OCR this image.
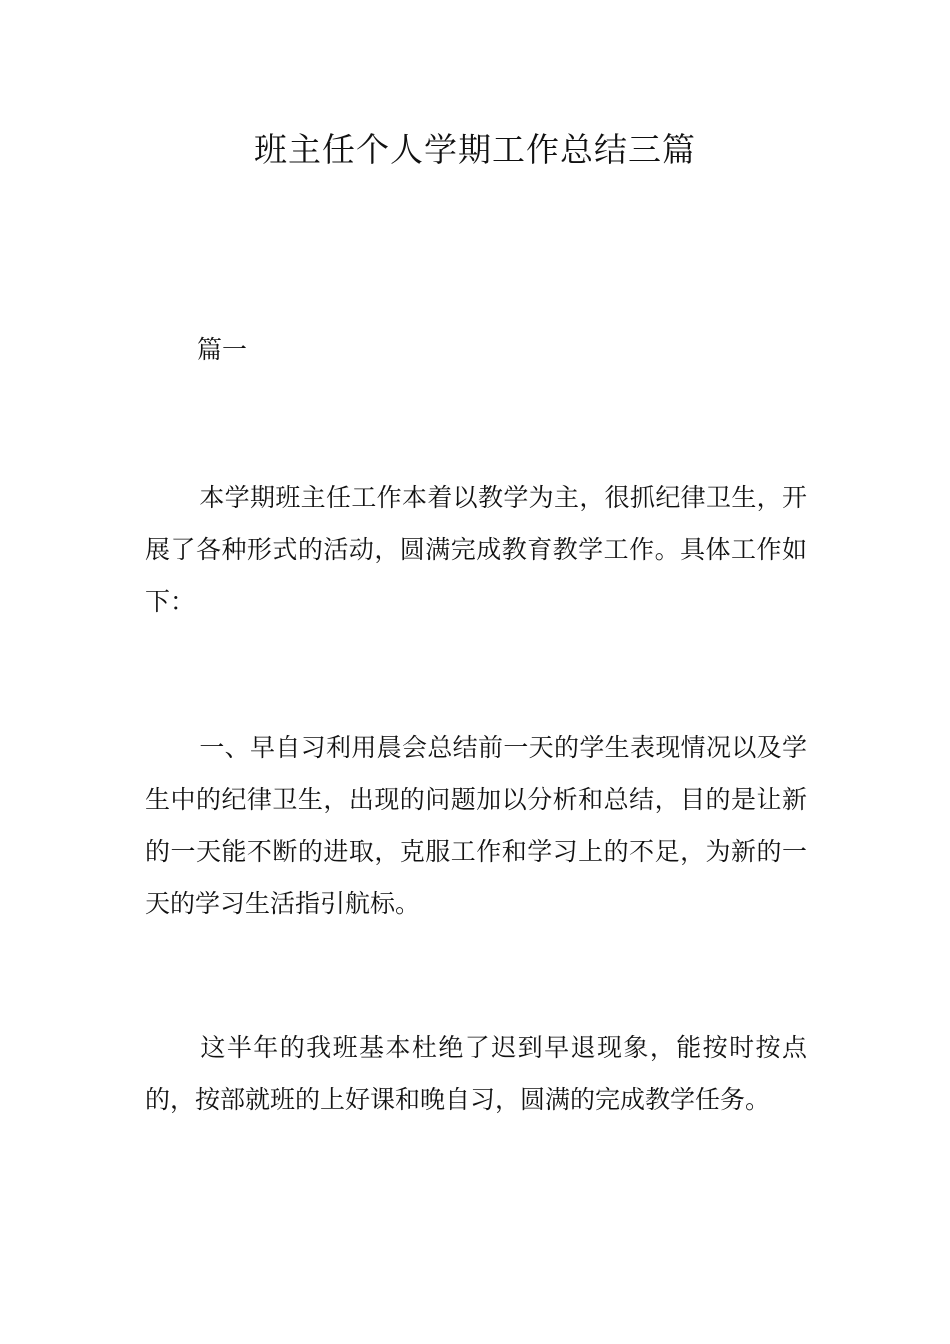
班主任个人学期工作总结三篇

篇一

本学期班主任工作本着以教学为主，很抓纪律卫生，开展了各种形式的活动，圆满完成教育教学工作。具体工作如下：

一、早自习利用晨会总结前一天的学生表现情况以及学生中的纪律卫生，出现的问题加以分析和总结，目的是让新的一天能不断的进取，克服工作和学习上的不足，为新的一天的学习生活指引航标。

这半年的我班基本杜绝了迟到早退现象，能按时按点的，按部就班的上好课和晚自习，圆满的完成教学任务。
